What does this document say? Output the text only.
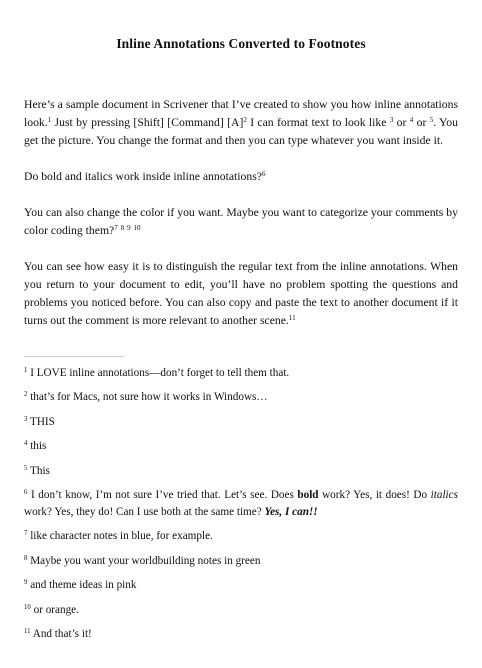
Inline Annotations Converted to Footnotes

Here’s a sample document in Scrivener that I’ve created to show you how inline annotations look.$^1$ Just by pressing [Shift] [Command] $[A]^2$ I can format text to look like $^3$ or $^4$ or $^5$. You get the picture. You change the format and then you can type whatever you want inside it.

Do bold and italics work inside inline annotations?$^6$

You can also change the color if you want. Maybe you want to categorize your comments by color coding them?$^7$ $^8$ $^9$ $^{10}$

You can see how easy it is to distinguish the regular text from the inline annotations. When you return to your document to edit, you’ll have no problem spotting the questions and problems you noticed before. You can also copy and paste the text to another document if it turns out the comment is more relevant to another scene.$^{11}$

$^1$ I LOVE inline annotations—don’t forget to tell them that.

$^2$ that’s for Macs, not sure how it works in Windows…

$^3$ THIS

$^4$ this

$^5$ This

$^6$ I don’t know, I’m not sure I’ve tried that. Let’s see. Does bold work? Yes, it does! Do italics work? Yes, they do! Can I use both at the same time? Yes, I can!!

$^7$ like character notes in blue, for example.

$^8$ Maybe you want your worldbuilding notes in green

$^9$ and theme ideas in pink

$^{10}$ or orange.

$^{11}$ And that’s it!
